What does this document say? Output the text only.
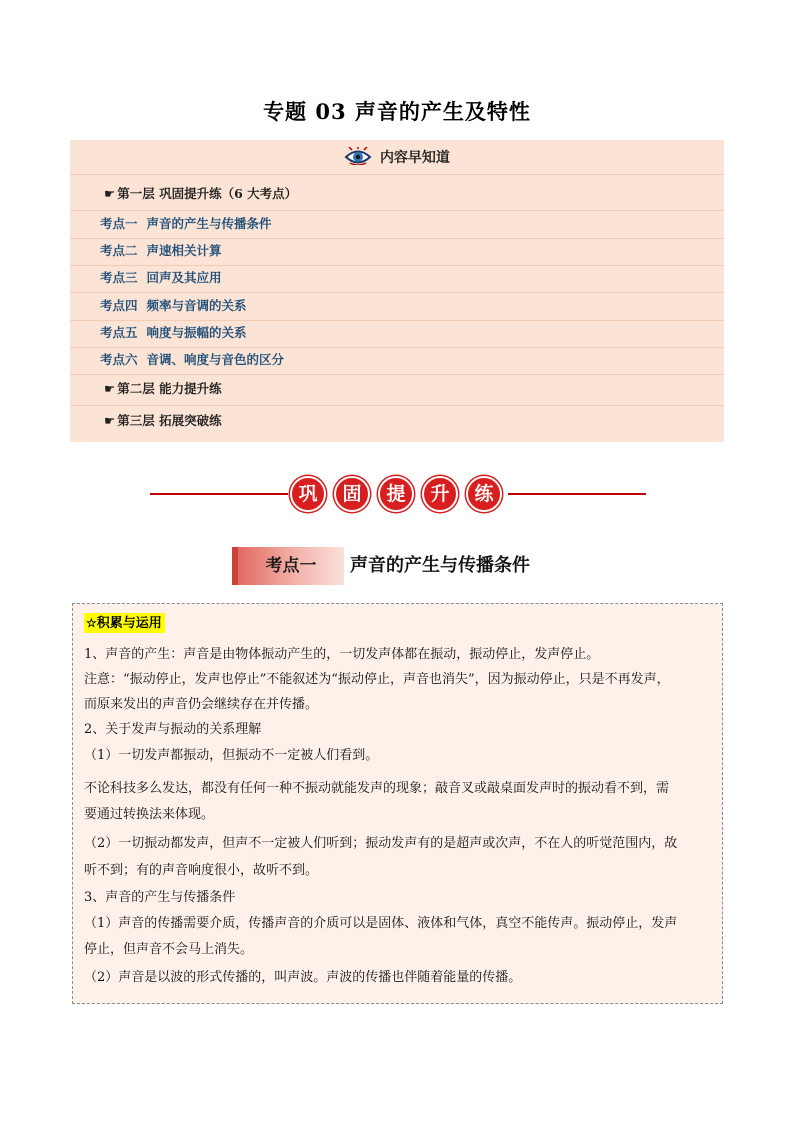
专题 03 声音的产生及特性
内容早知道
☛ 第一层 巩固提升练（6 大考点）
考点一 声音的产生与传播条件
考点二 声速相关计算
考点三 回声及其应用
考点四 频率与音调的关系
考点五 响度与振幅的关系
考点六 音调、响度与音色的区分
☛ 第二层 能力提升练
☛ 第三层 拓展突破练
巩	固	提	升	练
考点一	声音的产生与传播条件
☆积累与运用
1、声音的产生：声音是由物体振动产生的，一切发声体都在振动，振动停止，发声停止。
注意：“振动停止，发声也停止”不能叙述为“振动停止，声音也消失”，因为振动停止，只是不再发声，
而原来发出的声音仍会继续存在并传播。
2、关于发声与振动的关系理解
（1）一切发声都振动，但振动不一定被人们看到。
不论科技多么发达，都没有任何一种不振动就能发声的现象；敲音叉或敲桌面发声时的振动看不到，需
要通过转换法来体现。
（2）一切振动都发声，但声不一定被人们听到；振动发声有的是超声或次声，不在人的听觉范围内，故
听不到；有的声音响度很小，故听不到。
3、声音的产生与传播条件
（1）声音的传播需要介质，传播声音的介质可以是固体、液体和气体，真空不能传声。振动停止，发声
停止，但声音不会马上消失。
（2）声音是以波的形式传播的，叫声波。声波的传播也伴随着能量的传播。
